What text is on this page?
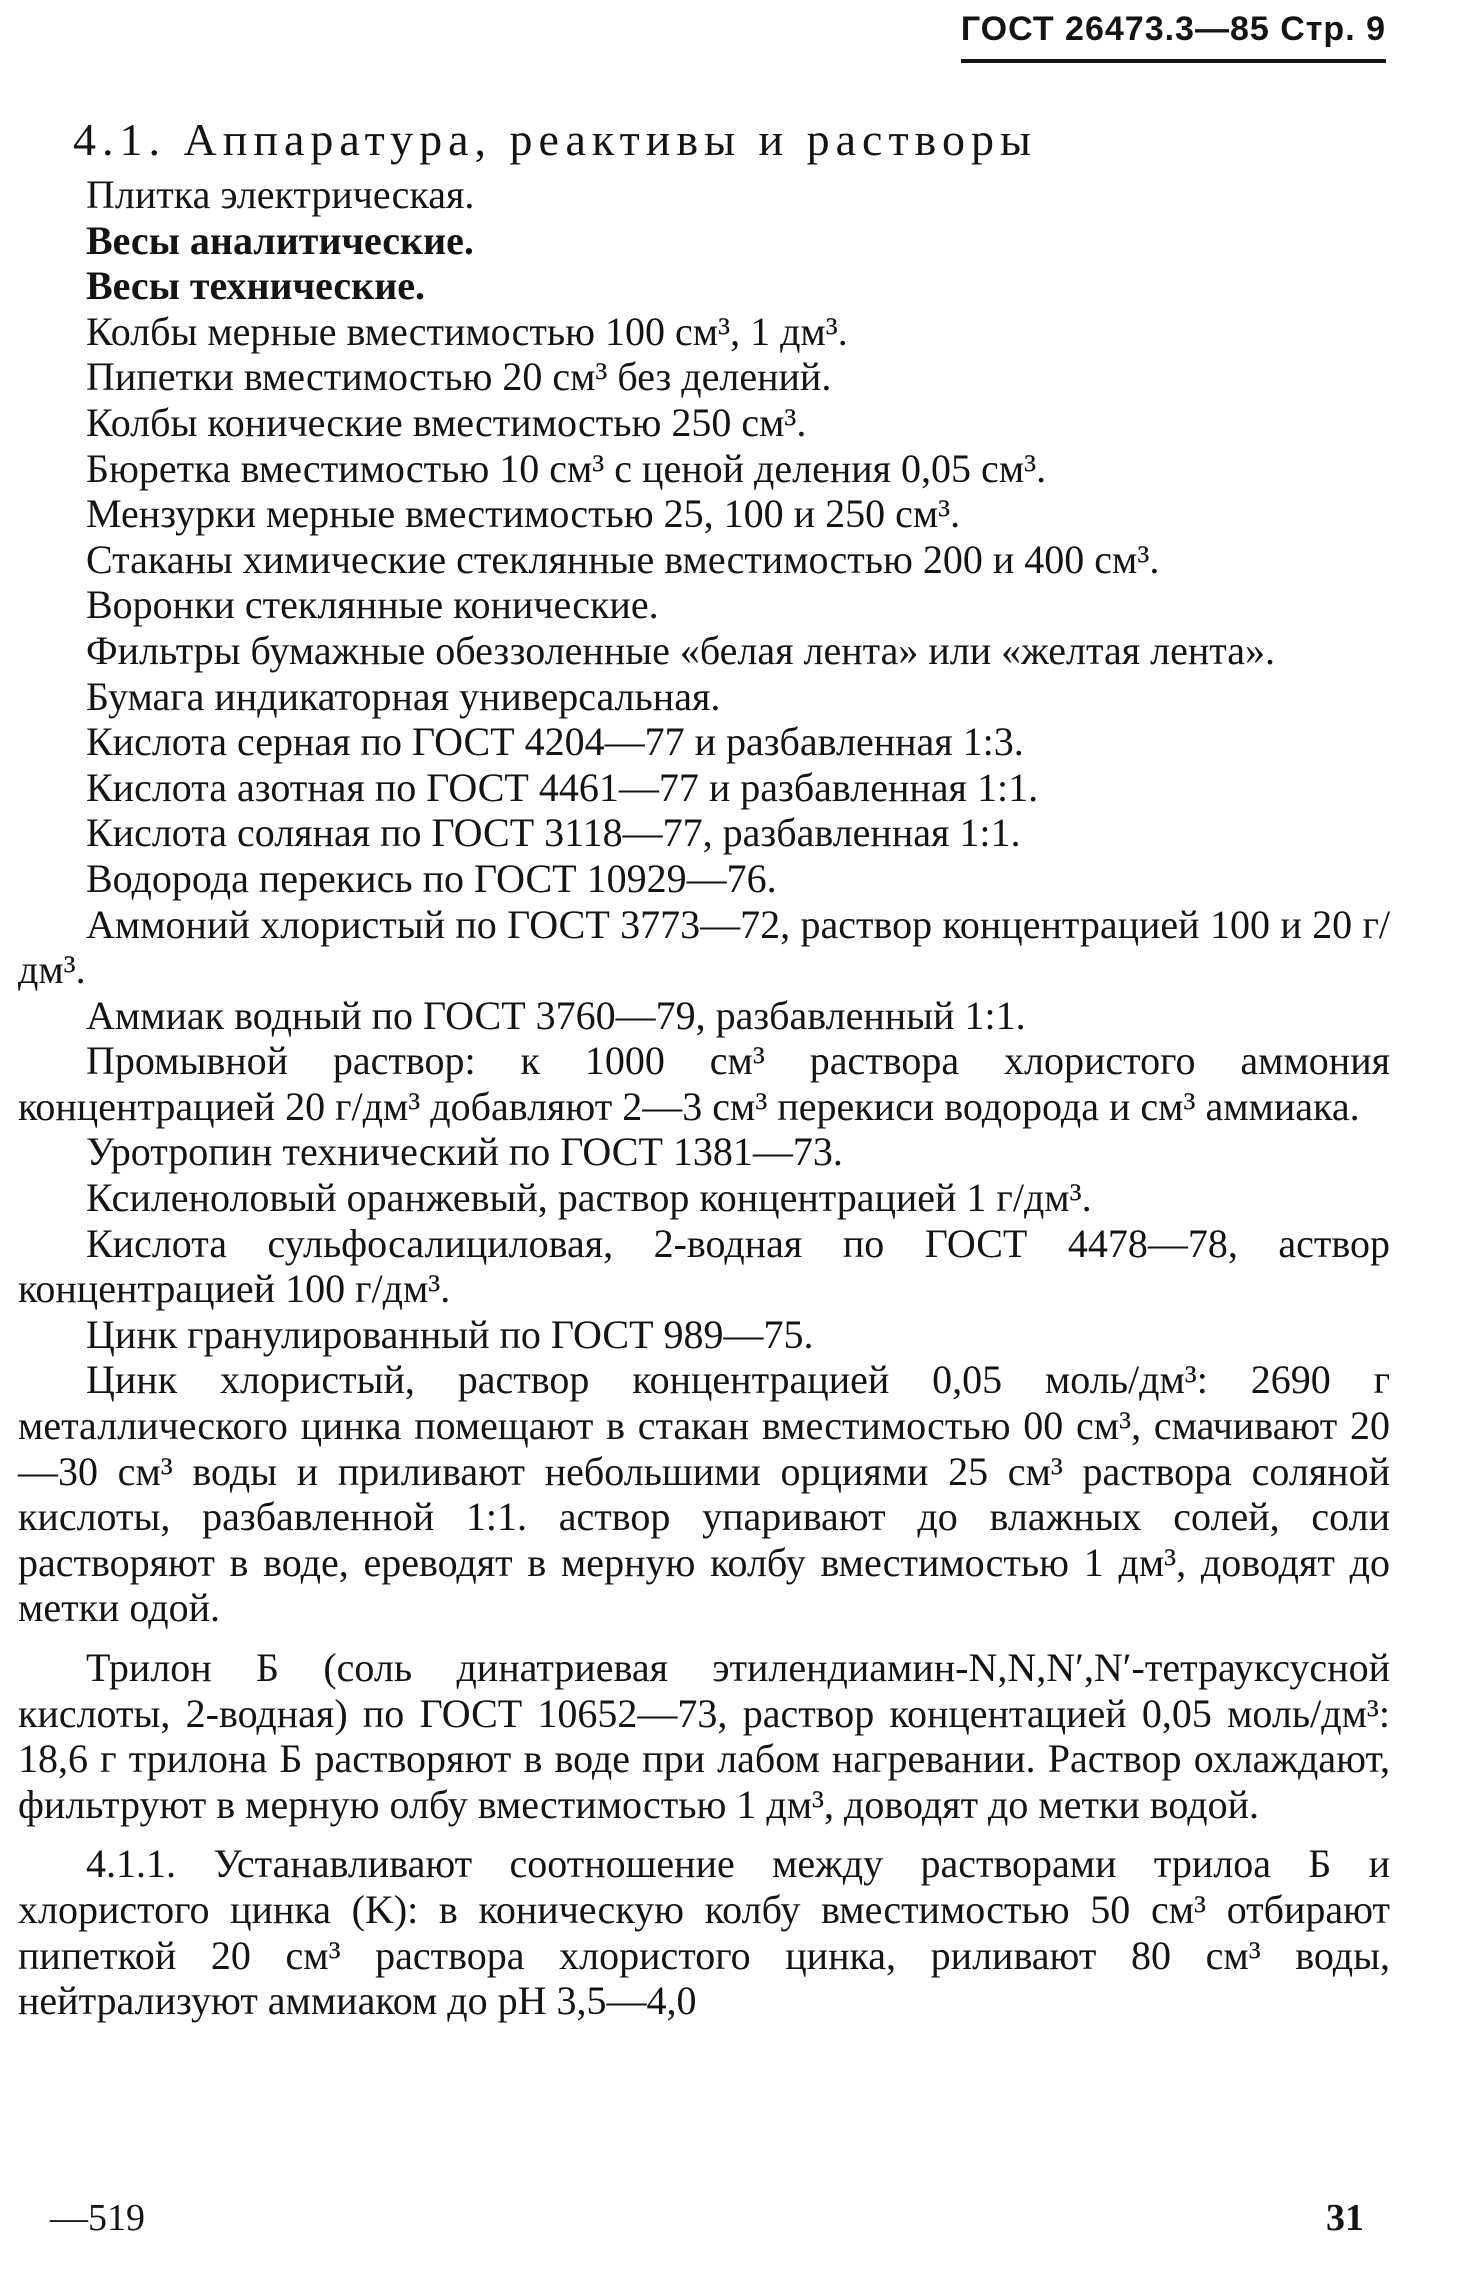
ГОСТ 26473.3—85 Стр. 9

4.1. Аппаратура, реактивы и растворы

Плитка электрическая.

Весы аналитические.

Весы технические.

Колбы мерные вместимостью 100 см³, 1 дм³.

Пипетки вместимостью 20 см³ без делений.

Колбы конические вместимостью 250 см³.

Бюретка вместимостью 10 см³ с ценой деления 0,05 см³.

Мензурки мерные вместимостью 25, 100 и 250 см³.

Стаканы химические стеклянные вместимостью 200 и 400 см³.

Воронки стеклянные конические.

Фильтры бумажные обеззоленные «белая лента» или «желтая лента».

Бумага индикаторная универсальная.

Кислота серная по ГОСТ 4204—77 и разбавленная 1:3.

Кислота азотная по ГОСТ 4461—77 и разбавленная 1:1.

Кислота соляная по ГОСТ 3118—77, разбавленная 1:1.

Водорода перекись по ГОСТ 10929—76.

Аммоний хлористый по ГОСТ 3773—72, раствор концентрацией 100 и 20 г/дм³.

Аммиак водный по ГОСТ 3760—79, разбавленный 1:1.

Промывной раствор: к 1000 см³ раствора хлористого аммония концентрацией 20 г/дм³ добавляют 2—3 см³ перекиси водорода и см³ аммиака.

Уротропин технический по ГОСТ 1381—73.

Ксиленоловый оранжевый, раствор концентрацией 1 г/дм³.

Кислота сульфосалициловая, 2-водная по ГОСТ 4478—78, аствор концентрацией 100 г/дм³.

Цинк гранулированный по ГОСТ 989—75.

Цинк хлористый, раствор концентрацией 0,05 моль/дм³: 2690 г металлического цинка помещают в стакан вместимостью 00 см³, смачивают 20—30 см³ воды и приливают небольшими орциями 25 см³ раствора соляной кислоты, разбавленной 1:1. аствор упаривают до влажных солей, соли растворяют в воде, ереводят в мерную колбу вместимостью 1 дм³, доводят до метки одой.

Трилон Б (соль динатриевая этилендиамин-N,N,N′,N′-тетрауксусной кислоты, 2-водная) по ГОСТ 10652—73, раствор концентацией 0,05 моль/дм³: 18,6 г трилона Б растворяют в воде при лабом нагревании. Раствор охлаждают, фильтруют в мерную олбу вместимостью 1 дм³, доводят до метки водой.

4.1.1. Устанавливают соотношение между растворами трилоа Б и хлористого цинка (K): в коническую колбу вместимостью 50 см³ отбирают пипеткой 20 см³ раствора хлористого цинка, риливают 80 см³ воды, нейтрализуют аммиаком до pH 3,5—4,0

—519	31
